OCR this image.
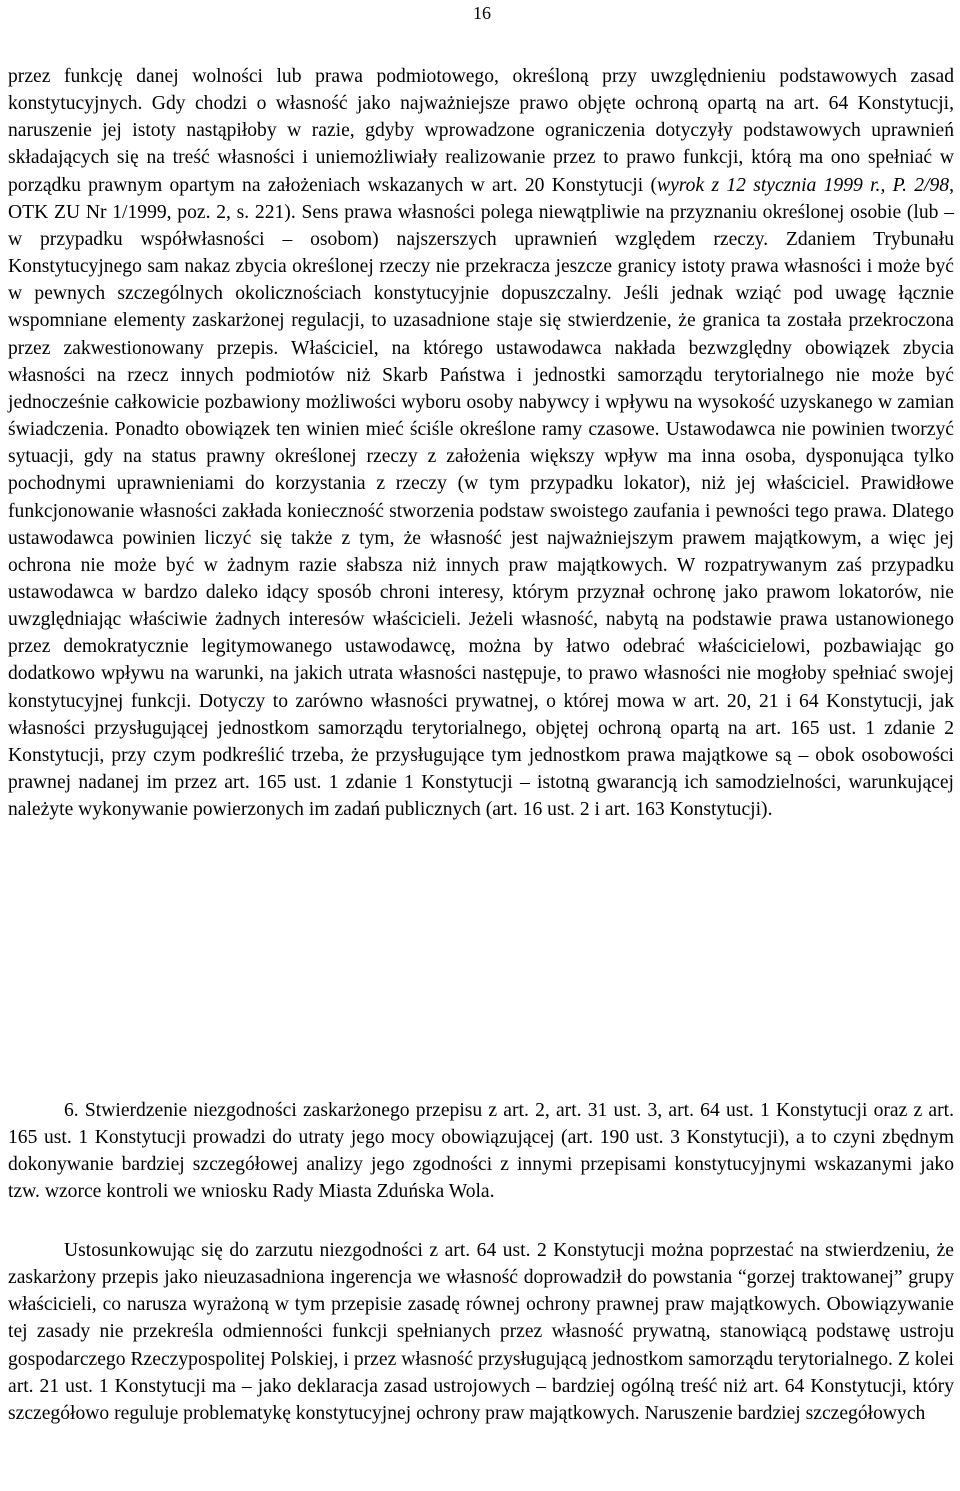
16

przez funkcję danej wolności lub prawa podmiotowego, określoną przy uwzględnieniu podstawowych zasad konstytucyjnych. Gdy chodzi o własność jako najważniejsze prawo objęte ochroną opartą na art. 64 Konstytucji, naruszenie jej istoty nastąpiłoby w razie, gdyby wprowadzone ograniczenia dotyczyły podstawowych uprawnień składających się na treść własności i uniemożliwiały realizowanie przez to prawo funkcji, którą ma ono spełniać w porządku prawnym opartym na założeniach wskazanych w art. 20 Konstytucji (wyrok z 12 stycznia 1999 r., P. 2/98, OTK ZU Nr 1/1999, poz. 2, s. 221). Sens prawa własności polega niewątpliwie na przyznaniu określonej osobie (lub – w przypadku współwłasności – osobom) najszerszych uprawnień względem rzeczy. Zdaniem Trybunału Konstytucyjnego sam nakaz zbycia określonej rzeczy nie przekracza jeszcze granicy istoty prawa własności i może być w pewnych szczególnych okolicznościach konstytucyjnie dopuszczalny. Jeśli jednak wziąć pod uwagę łącznie wspomniane elementy zaskarżonej regulacji, to uzasadnione staje się stwierdzenie, że granica ta została przekroczona przez zakwestionowany przepis. Właściciel, na którego ustawodawca nakłada bezwzględny obowiązek zbycia własności na rzecz innych podmiotów niż Skarb Państwa i jednostki samorządu terytorialnego nie może być jednocześnie całkowicie pozbawiony możliwości wyboru osoby nabywcy i wpływu na wysokość uzyskanego w zamian świadczenia. Ponadto obowiązek ten winien mieć ściśle określone ramy czasowe. Ustawodawca nie powinien tworzyć sytuacji, gdy na status prawny określonej rzeczy z założenia większy wpływ ma inna osoba, dysponująca tylko pochodnymi uprawnieniami do korzystania z rzeczy (w tym przypadku lokator), niż jej właściciel. Prawidłowe funkcjonowanie własności zakłada konieczność stworzenia podstaw swoistego zaufania i pewności tego prawa. Dlatego ustawodawca powinien liczyć się także z tym, że własność jest najważniejszym prawem majątkowym, a więc jej ochrona nie może być w żadnym razie słabsza niż innych praw majątkowych. W rozpatrywanym zaś przypadku ustawodawca w bardzo daleko idący sposób chroni interesy, którym przyznał ochronę jako prawom lokatorów, nie uwzględniając właściwie żadnych interesów właścicieli. Jeżeli własność, nabytą na podstawie prawa ustanowionego przez demokratycznie legitymowanego ustawodawcę, można by łatwo odebrać właścicielowi, pozbawiając go dodatkowo wpływu na warunki, na jakich utrata własności następuje, to prawo własności nie mogłoby spełniać swojej konstytucyjnej funkcji. Dotyczy to zarówno własności prywatnej, o której mowa w art. 20, 21 i 64 Konstytucji, jak własności przysługującej jednostkom samorządu terytorialnego, objętej ochroną opartą na art. 165 ust. 1 zdanie 2 Konstytucji, przy czym podkreślić trzeba, że przysługujące tym jednostkom prawa majątkowe są – obok osobowości prawnej nadanej im przez art. 165 ust. 1 zdanie 1 Konstytucji – istotną gwarancją ich samodzielności, warunkującej należyte wykonywanie powierzonych im zadań publicznych (art. 16 ust. 2 i art. 163 Konstytucji).

6. Stwierdzenie niezgodności zaskarżonego przepisu z art. 2, art. 31 ust. 3, art. 64 ust. 1 Konstytucji oraz z art. 165 ust. 1 Konstytucji prowadzi do utraty jego mocy obowiązującej (art. 190 ust. 3 Konstytucji), a to czyni zbędnym dokonywanie bardziej szczegółowej analizy jego zgodności z innymi przepisami konstytucyjnymi wskazanymi jako tzw. wzorce kontroli we wniosku Rady Miasta Zduńska Wola.

Ustosunkowując się do zarzutu niezgodności z art. 64 ust. 2 Konstytucji można poprzestać na stwierdzeniu, że zaskarżony przepis jako nieuzasadniona ingerencja we własność doprowadził do powstania “gorzej traktowanej” grupy właścicieli, co narusza wyrażoną w tym przepisie zasadę równej ochrony prawnej praw majątkowych. Obowiązywanie tej zasady nie przekreśla odmienności funkcji spełnianych przez własność prywatną, stanowiącą podstawę ustroju gospodarczego Rzeczypospolitej Polskiej, i przez własność przysługującą jednostkom samorządu terytorialnego. Z kolei art. 21 ust. 1 Konstytucji ma – jako deklaracja zasad ustrojowych – bardziej ogólną treść niż art. 64 Konstytucji, który szczegółowo reguluje problematykę konstytucyjnej ochrony praw majątkowych. Naruszenie bardziej szczegółowych
